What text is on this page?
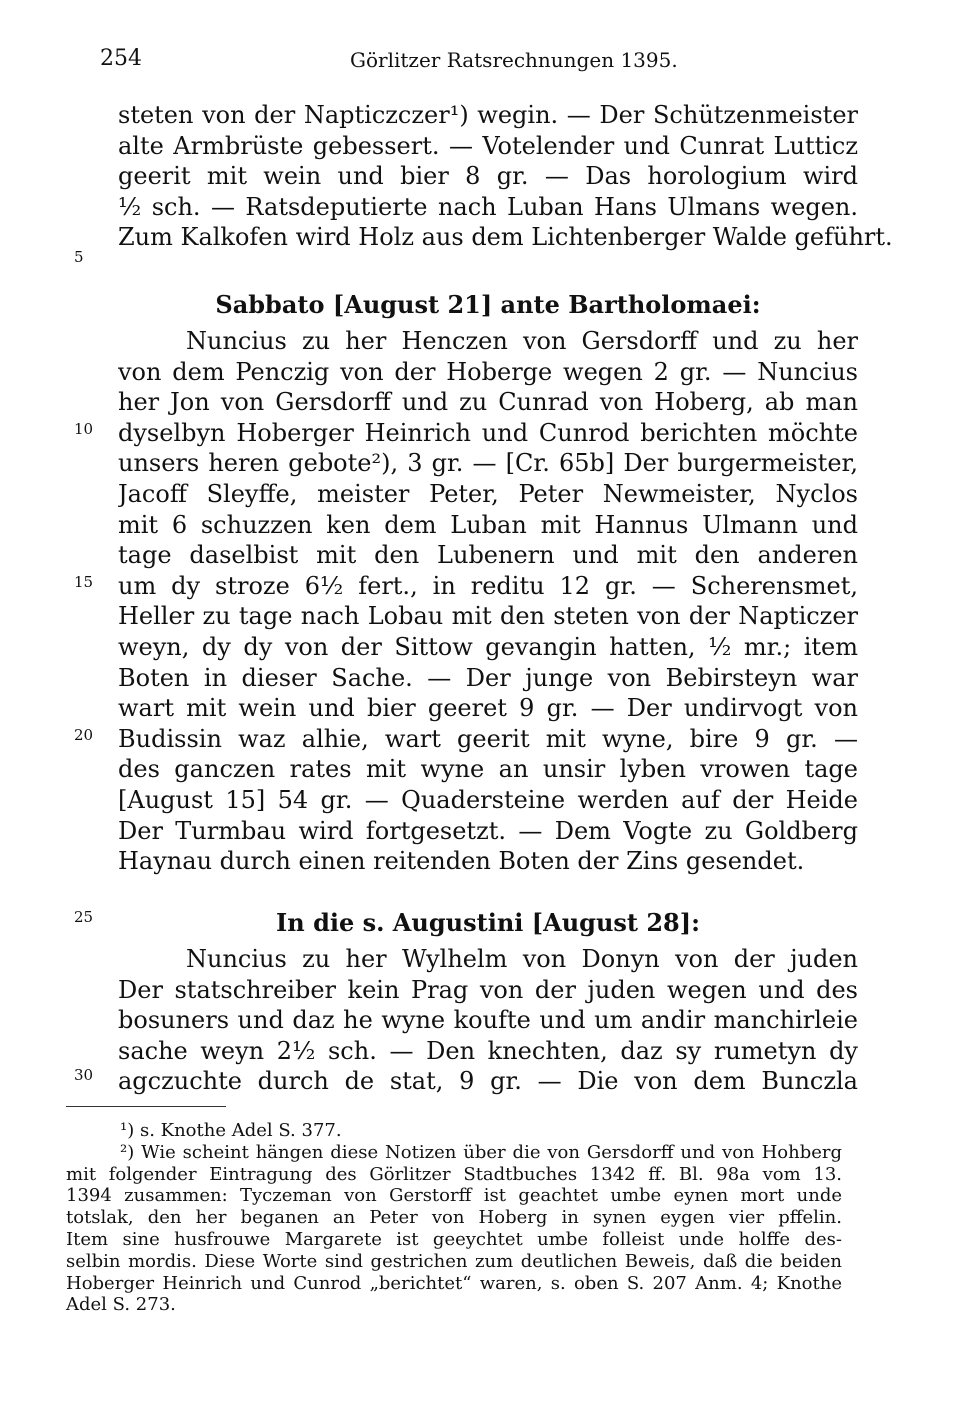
254	Görlitzer Ratsrechnungen 1395.
steten von der Napticzczer¹) wegin. — Der Schützenmeister
alte Armbrüste gebessert. — Votelender und Cunrat Lutticz
geerit mit wein und bier 8 gr. — Das horologium wird
½ sch. — Ratsdeputierte nach Luban Hans Ulmans wegen.
Zum Kalkofen wird Holz aus dem Lichtenberger Walde geführt.
Sabbato [August 21] ante Bartholomaei:
Nuncius zu her Henczen von Gersdorff und zu her
von dem Penczig von der Hoberge wegen 2 gr. — Nuncius
her Jon von Gersdorff und zu Cunrad von Hoberg, ab man
dyselbyn Hoberger Heinrich und Cunrod berichten möchte
unsers heren gebote²), 3 gr. — [Cr. 65b] Der burgermeister,
Jacoff Sleyffe, meister Peter, Peter Newmeister, Nyclos
mit 6 schuzzen ken dem Luban mit Hannus Ulmann und
tage daselbist mit den Lubenern und mit den anderen
um dy stroze 6½ fert., in reditu 12 gr. — Scherensmet,
Heller zu tage nach Lobau mit den steten von der Napticzer
weyn, dy dy von der Sittow gevangin hatten, ½ mr.; item
Boten in dieser Sache. — Der junge von Bebirsteyn war
wart mit wein und bier geeret 9 gr. — Der undirvogt von
Budissin waz alhie, wart geerit mit wyne, bire 9 gr. —
des ganczen rates mit wyne an unsir lyben vrowen tage
[August 15] 54 gr. — Quadersteine werden auf der Heide
Der Turmbau wird fortgesetzt. — Dem Vogte zu Goldberg
Haynau durch einen reitenden Boten der Zins gesendet.
In die s. Augustini [August 28]:
Nuncius zu her Wylhelm von Donyn von der juden
Der statschreiber kein Prag von der juden wegen und des
bosuners und daz he wyne koufte und um andir manchirleie
sache weyn 2½ sch. — Den knechten, daz sy rumetyn dy
agczuchte durch de stat, 9 gr. — Die von dem Bunczla
5
10
15
20
25
30
¹) s. Knothe Adel S. 377.
²) Wie scheint hängen diese Notizen über die von Gersdorff und von Hohberg
mit folgender Eintragung des Görlitzer Stadtbuches 1342 ff. Bl. 98a vom 13.
1394 zusammen: Tyczeman von Gerstorff ist geachtet umbe eynen mort unde
totslak, den her beganen an Peter von Hoberg in synen eygen vier pffelin.
Item sine husfrouwe Margarete ist geeychtet umbe folleist unde holffe des-
selbin mordis. Diese Worte sind gestrichen zum deutlichen Beweis, daß die beiden
Hoberger Heinrich und Cunrod „berichtet“ waren, s. oben S. 207 Anm. 4; Knothe
Adel S. 273.
